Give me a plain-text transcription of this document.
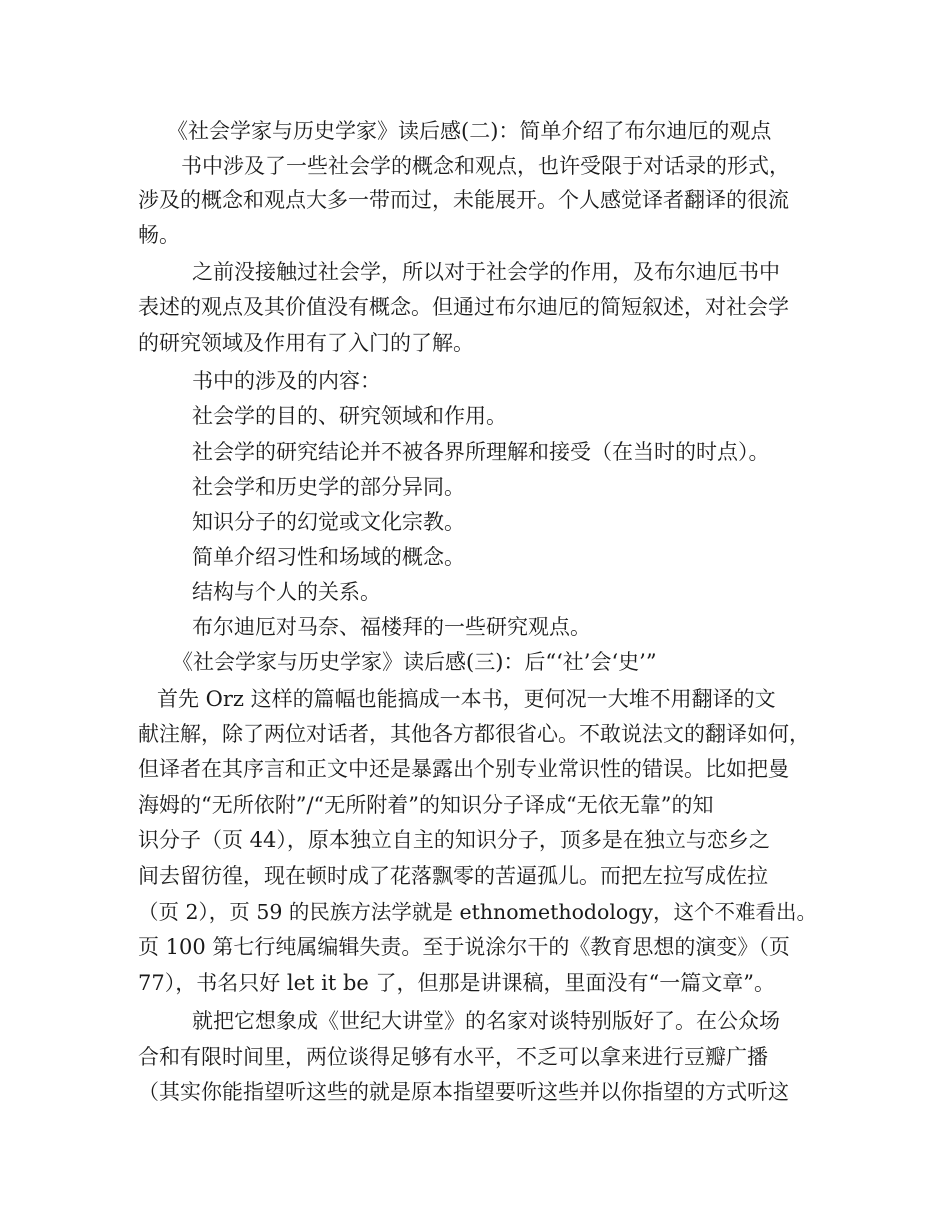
《社会学家与历史学家》读后感(二)：简单介绍了布尔迪厄的观点
书中涉及了一些社会学的概念和观点，也许受限于对话录的形式，
涉及的概念和观点大多一带而过，未能展开。个人感觉译者翻译的很流
畅。
之前没接触过社会学，所以对于社会学的作用，及布尔迪厄书中
表述的观点及其价值没有概念。但通过布尔迪厄的简短叙述，对社会学
的研究领域及作用有了入门的了解。
书中的涉及的内容：
社会学的目的、研究领域和作用。
社会学的研究结论并不被各界所理解和接受（在当时的时点）。
社会学和历史学的部分异同。
知识分子的幻觉或文化宗教。
简单介绍习性和场域的概念。
结构与个人的关系。
布尔迪厄对马奈、福楼拜的一些研究观点。
《社会学家与历史学家》读后感(三)：后“‘社’会‘史’”
首先 Orz 这样的篇幅也能搞成一本书，更何况一大堆不用翻译的文
献注解，除了两位对话者，其他各方都很省心。不敢说法文的翻译如何，
但译者在其序言和正文中还是暴露出个别专业常识性的错误。比如把曼
海姆的“无所依附”/“无所附着”的知识分子译成“无依无靠”的知
识分子（页 44），原本独立自主的知识分子，顶多是在独立与恋乡之
间去留彷徨，现在顿时成了花落飘零的苦逼孤儿。而把左拉写成佐拉
（页 2），页 59 的民族方法学就是 ethnomethodology，这个不难看出。
页 100 第七行纯属编辑失责。至于说涂尔干的《教育思想的演变》（页
77），书名只好 let it be 了，但那是讲课稿，里面没有“一篇文章”。
就把它想象成《世纪大讲堂》的名家对谈特别版好了。在公众场
合和有限时间里，两位谈得足够有水平，不乏可以拿来进行豆瓣广播
（其实你能指望听这些的就是原本指望要听这些并以你指望的方式听这
